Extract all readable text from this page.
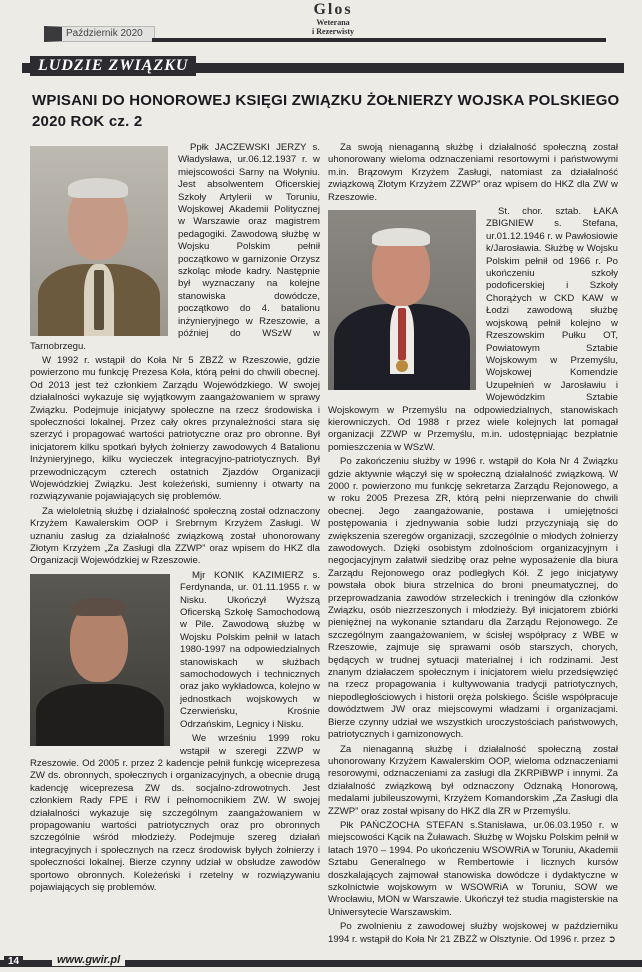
Październik 2020
Glos
Weterana
i Rezerwisty
LUDZIE ZWIĄZKU
WPISANI DO HONOROWEJ KSIĘGI ZWIĄZKU ŻOŁNIERZY WOJSKA POLSKIEGO 2020 ROK cz. 2

Ppłk JACZEWSKI JERZY s. Władysława, ur.06.12.1937 r. w miejscowości Sarny na Wołyniu. Jest absolwentem Oficerskiej Szkoły Artylerii w Toruniu, Wojskowej Akademii Politycznej w Warszawie oraz magistrem pedagogiki. Zawodową służbę w Wojsku Polskim pełnił początkowo w garnizonie Orzysz szkoląc młode kadry. Następnie był wyznaczany na kolejne stanowiska dowódcze, początkowo do 4. batalionu inżynieryjnego w Rzeszowie, a później do WSzW w Tarnobrzegu.

W 1992 r. wstąpił do Koła Nr 5 ZBZŻ w Rzeszowie, gdzie powierzono mu funkcję Prezesa Koła, którą pełni do chwili obecnej. Od 2013 jest też członkiem Zarządu Wojewódzkiego. W swojej działalności wykazuje się wyjątkowym zaangażowaniem w sprawy Związku. Podejmuje inicjatywy społeczne na rzecz środowiska i społeczności lokalnej. Przez cały okres przynależności stara się szerzyć i propagować wartości patriotyczne oraz pro obronne. Był inicjatorem kilku spotkań byłych żołnierzy zawodowych 4 Batalionu Inżynieryjnego, kilku wycieczek integracyjno-patriotycznych. Był przewodniczącym czterech ostatnich Zjazdów Organizacji Wojewódzkiej Związku. Jest koleżeński, sumienny i otwarty na rozwiązywanie pojawiających się problemów.

Za wieloletnią służbę i działalność społeczną został odznaczony Krzyżem Kawalerskim OOP i Srebrnym Krzyżem Zasługi. W uznaniu zasług za działalność związkową został uhonorowany Złotym Krzyżem „Za Zasługi dla ZZWP” oraz wpisem do HKZ dla Organizacji Wojewódzkiej w Rzeszowie.

Mjr KONIK KAZIMIERZ s. Ferdynanda, ur. 01.11.1955 r. w Nisku. Ukończył Wyższą Oficerską Szkołę Samochodową w Pile. Zawodową służbę w Wojsku Polskim pełnił w latach 1980-1997 na odpowiedzialnych stanowiskach w służbach samochodowych i technicznych oraz jako wykładowca, kolejno w jednostkach wojskowych w Czerwieńsku, Krośnie Odrzańskim, Legnicy i Nisku.

We wrześniu 1999 roku wstąpił w szeregi ZZWP w Rzeszowie. Od 2005 r. przez 2 kadencje pełnił funkcję wiceprezesa ZW ds. obronnych, społecznych i organizacyjnych, a obecnie drugą kadencję wiceprezesa ZW ds. socjalno-zdrowotnych. Jest członkiem Rady FPE i RW i pełnomocnikiem ZW. W swojej działalności wykazuje się szczególnym zaangażowaniem w propagowaniu wartości patriotycznych oraz pro obronnych szczególnie wśród młodzieży. Podejmuje szereg działań integracyjnych i społecznych na rzecz środowisk byłych żołnierzy i społeczności lokalnej. Bierze czynny udział w obsłudze zawodów sportowo obronnych. Koleżeński i rzetelny w rozwiązywaniu pojawiających się problemów.

Za swoją nienaganną służbę i działalność społeczną został uhonorowany wieloma odznaczeniami resortowymi i państwowymi m.in. Brązowym Krzyżem Zasługi, natomiast za działalność związkową Złotym Krzyżem ZZWP” oraz wpisem do HKZ dla ZW w Rzeszowie.

St. chor. sztab. ŁAKA ZBIGNIEW s. Stefana, ur.01.12.1946 r. w Pawłosiowie k/Jarosławia. Służbę w Wojsku Polskim pełnił od 1966 r. Po ukończeniu szkoły podoficerskiej i Szkoły Chorążych w CKD KAW w Łodzi zawodową służbę wojskową pełnił kolejno w Rzeszowskim Pułku OT, Powiatowym Sztabie Wojskowym w Przemyślu, Wojskowej Komendzie Uzupełnień w Jarosławiu i Wojewódzkim Sztabie Wojskowym w Przemyślu na odpowiedzialnych, stanowiskach kierowniczych. Od 1988 r przez wiele kolejnych lat pomagał organizacji ZZWP w Przemyślu, m.in. udostępniając bezpłatnie pomieszczenia w WSzW.

Po zakończeniu służby w 1996 r. wstąpił do Koła Nr 4 Związku gdzie aktywnie włączył się w społeczną działalność związkową. W 2000 r. powierzono mu funkcję sekretarza Zarządu Rejonowego, a w roku 2005 Prezesa ZR, którą pełni nieprzerwanie do chwili obecnej. Jego zaangażowanie, postawa i umiejętności postępowania i zjednywania sobie ludzi przyczyniają się do zwiększenia szeregów organizacji, szczególnie o młodych żołnierzy zawodowych. Dzięki osobistym zdolnościom organizacyjnym i negocjacyjnym załatwił siedzibę oraz pełne wyposażenie dla biura Zarządu Rejonowego oraz podległych Kół. Z jego inicjatywy powstała obok biura strzelnica do broni pneumatycznej, do przeprowadzania zawodów strzeleckich i treningów dla członków Związku, osób niezrzeszonych i młodzieży. Był inicjatorem zbiórki pieniężnej na wykonanie sztandaru dla Zarządu Rejonowego. Ze szczególnym zaangażowaniem, w ścisłej współpracy z WBE w Rzeszowie, zajmuje się sprawami osób starszych, chorych, będących w trudnej sytuacji materialnej i ich rodzinami. Jest znanym działaczem społecznym i inicjatorem wielu przedsięwzięć na rzecz propagowania i kultywowania tradycji patriotycznych, niepodległościowych i historii oręża polskiego. Ściśle współpracuje dowództwem JW oraz miejscowymi władzami i organizacjami. Bierze czynny udział we wszystkich uroczystościach państwowych, patriotycznych i garnizonowych.

Za nienaganną służbę i działalność społeczną został uhonorowany Krzyżem Kawalerskim OOP, wieloma odznaczeniami resorowymi, odznaczeniami za zasługi dla ZKRPiBWP i innymi. Za działalność związkową był odznaczony Odznaką Honorową, medalami jubileuszowymi, Krzyżem Komandorskim „Za Zasługi dla ZZWP” oraz został wpisany do HKZ dla ZR w Przemyślu.

Płk PAŃCZOCHA STEFAN s.Stanisława, ur.06.03.1950 r. w miejscowości Kącik na Żuławach. Służbę w Wojsku Polskim pełnił w latach 1970 – 1994. Po ukończeniu WSOWRiA w Toruniu, Akademii Sztabu Generalnego w Rembertowie i licznych kursów doszkalających zajmował stanowiska dowódcze i dydaktyczne w szkolnictwie wojskowym w WSOWRiA w Toruniu, SOW we Wrocławiu, MON w Warszawie. Ukończył też studia magisterskie na Uniwersytecie Warszawskim.

Po zwolnieniu z zawodowej służby wojskowej w październiku 1994 r. wstąpił do Koła Nr 21 ZBZŻ w Olsztynie. Od 1996 r. przez ➲

14	www.gwir.pl
